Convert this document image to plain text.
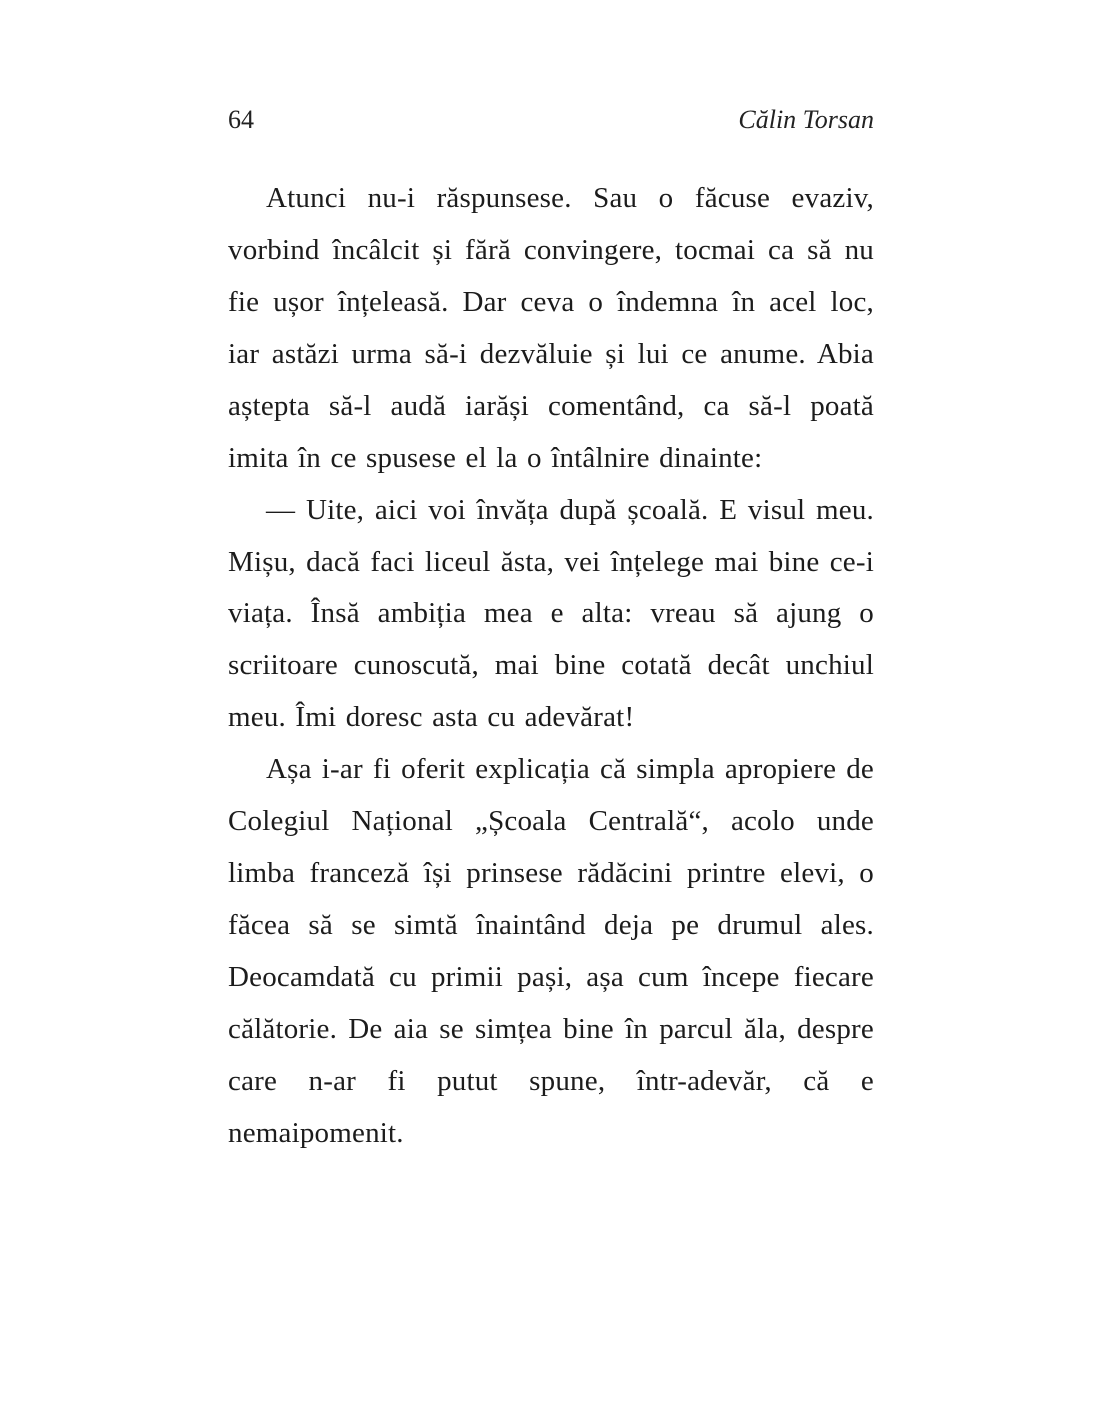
64	Călin Torsan

Atunci nu-i răspunsese. Sau o făcuse evaziv, vorbind încâlcit și fără convingere, tocmai ca să nu fie ușor înțeleasă. Dar ceva o îndemna în acel loc, iar astăzi urma să-i dezvăluie și lui ce anume. Abia aștepta să-l audă iarăși comentând, ca să-l poată imita în ce spusese el la o întâlnire dinainte:

— Uite, aici voi învăța după școală. E visul meu. Mișu, dacă faci liceul ăsta, vei înțelege mai bine ce-i viața. Însă ambiția mea e alta: vreau să ajung o scriitoare cunoscută, mai bine cotată decât unchiul meu. Îmi doresc asta cu adevărat!

Așa i-ar fi oferit explicația că simpla apropiere de Colegiul Național „Școala Centrală“, acolo unde limba franceză își prinsese rădăcini printre elevi, o făcea să se simtă înaintând deja pe drumul ales. Deocamdată cu primii pași, așa cum începe fiecare călătorie. De aia se simțea bine în parcul ăla, despre care n-ar fi putut spune, într-adevăr, că e nemaipomenit.
